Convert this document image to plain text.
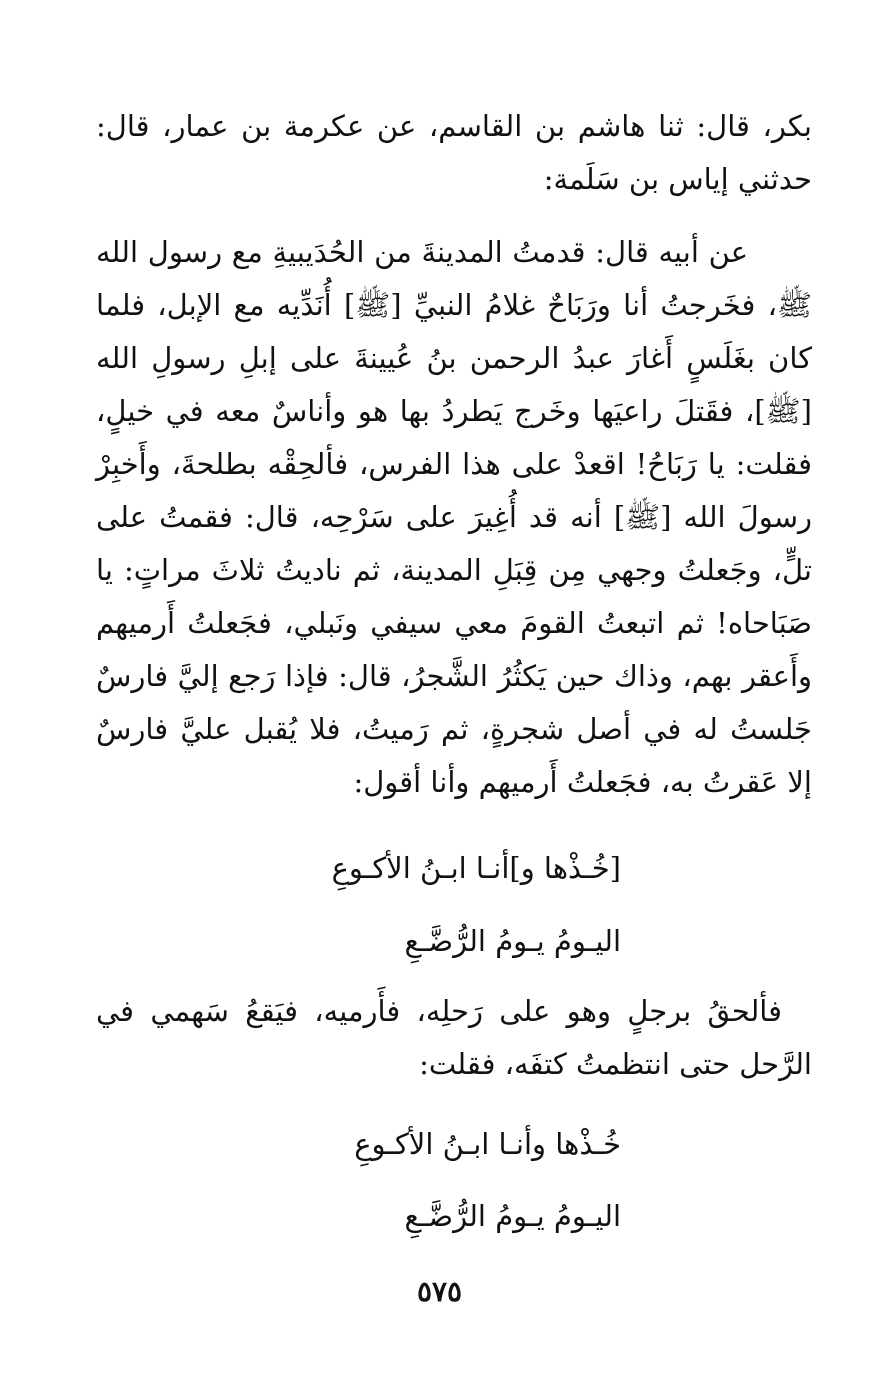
بكر، قال: ثنا هاشم بن القاسم، عن عكرمة بن عمار، قال: حدثني إياس بن سَلَمة:

عن أبيه قال: قدمتُ المدينةَ من الحُدَيبيةِ مع رسول الله ﷺ، فخَرجتُ أنا ورَبَاحٌ غلامُ النبيِّ [ﷺ] أُنَدِّيه مع الإبل، فلما كان بغَلَسٍ أَغارَ عبدُ الرحمن بنُ عُيينةَ على إبلِ رسولِ الله [ﷺ]، فقَتلَ راعيَها وخَرج يَطردُ بها هو وأناسٌ معه في خيلٍ، فقلت: يا رَبَاحُ! اقعدْ على هذا الفرس، فألحِقْه بطلحةَ، وأَخبِرْ رسولَ الله [ﷺ] أنه قد أُغِيرَ على سَرْحِه، قال: فقمتُ على تلٍّ، وجَعلتُ وجهي مِن قِبَلِ المدينة، ثم ناديتُ ثلاثَ مراتٍ: يا صَبَاحاه! ثم اتبعتُ القومَ معي سيفي ونَبلي، فجَعلتُ أَرميهم وأَعقر بهم، وذاك حين يَكثُرُ الشَّجرُ، قال: فإذا رَجع إليَّ فارسٌ جَلستُ له في أصل شجرةٍ، ثم رَميتُ، فلا يُقبل عليَّ فارسٌ إلا عَقرتُ به، فجَعلتُ أَرميهم وأنا أقول:

[خُـذْها و]أنـا ابـنُ الأكـوعِ
اليـومُ يـومُ الرُّضَّـعِ

فألحقُ برجلٍ وهو على رَحلِه، فأَرميه، فيَقعُ سَهمي في الرَّحل حتى انتظمتُ كتفَه، فقلت:

خُـذْها وأنـا ابـنُ الأكـوعِ
اليـومُ يـومُ الرُّضَّـعِ
٥٧٥
